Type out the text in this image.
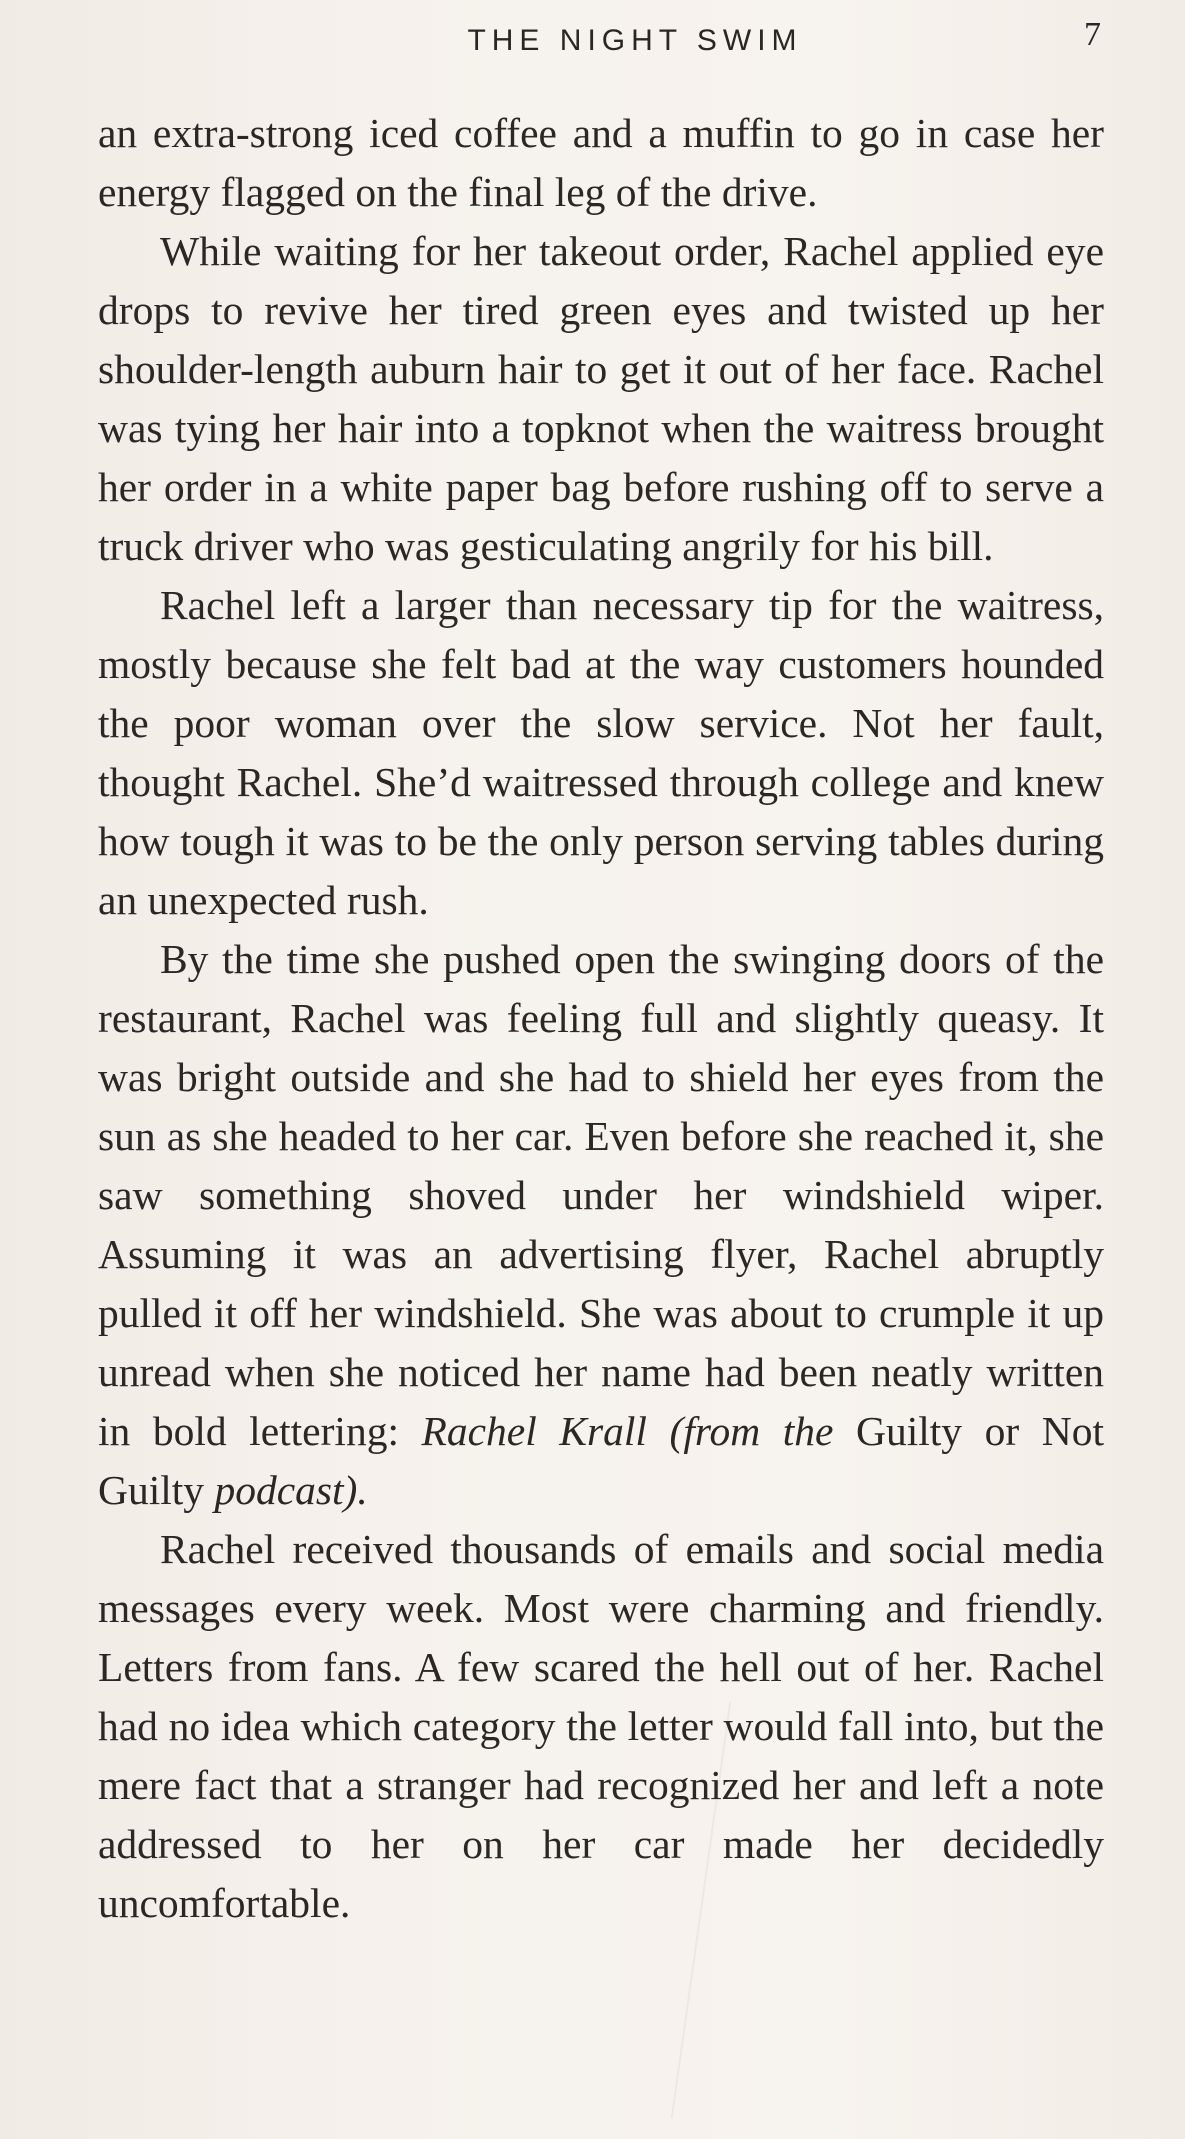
THE NIGHT SWIM	7

an extra-strong iced coffee and a muffin to go in case her energy flagged on the final leg of the drive.

While waiting for her takeout order, Rachel applied eye drops to revive her tired green eyes and twisted up her shoulder-length auburn hair to get it out of her face. Rachel was tying her hair into a topknot when the waitress brought her order in a white paper bag before rushing off to serve a truck driver who was gesticulating angrily for his bill.

Rachel left a larger than necessary tip for the waitress, mostly because she felt bad at the way customers hounded the poor woman over the slow service. Not her fault, thought Rachel. She’d waitressed through college and knew how tough it was to be the only person serving tables during an unexpected rush.

By the time she pushed open the swinging doors of the restaurant, Rachel was feeling full and slightly queasy. It was bright outside and she had to shield her eyes from the sun as she headed to her car. Even before she reached it, she saw something shoved under her windshield wiper. Assuming it was an advertising flyer, Rachel abruptly pulled it off her windshield. She was about to crumple it up unread when she noticed her name had been neatly written in bold lettering: Rachel Krall (from the Guilty or Not Guilty podcast).

Rachel received thousands of emails and social media messages every week. Most were charming and friendly. Letters from fans. A few scared the hell out of her. Rachel had no idea which category the letter would fall into, but the mere fact that a stranger had recognized her and left a note addressed to her on her car made her decidedly uncomfortable.
